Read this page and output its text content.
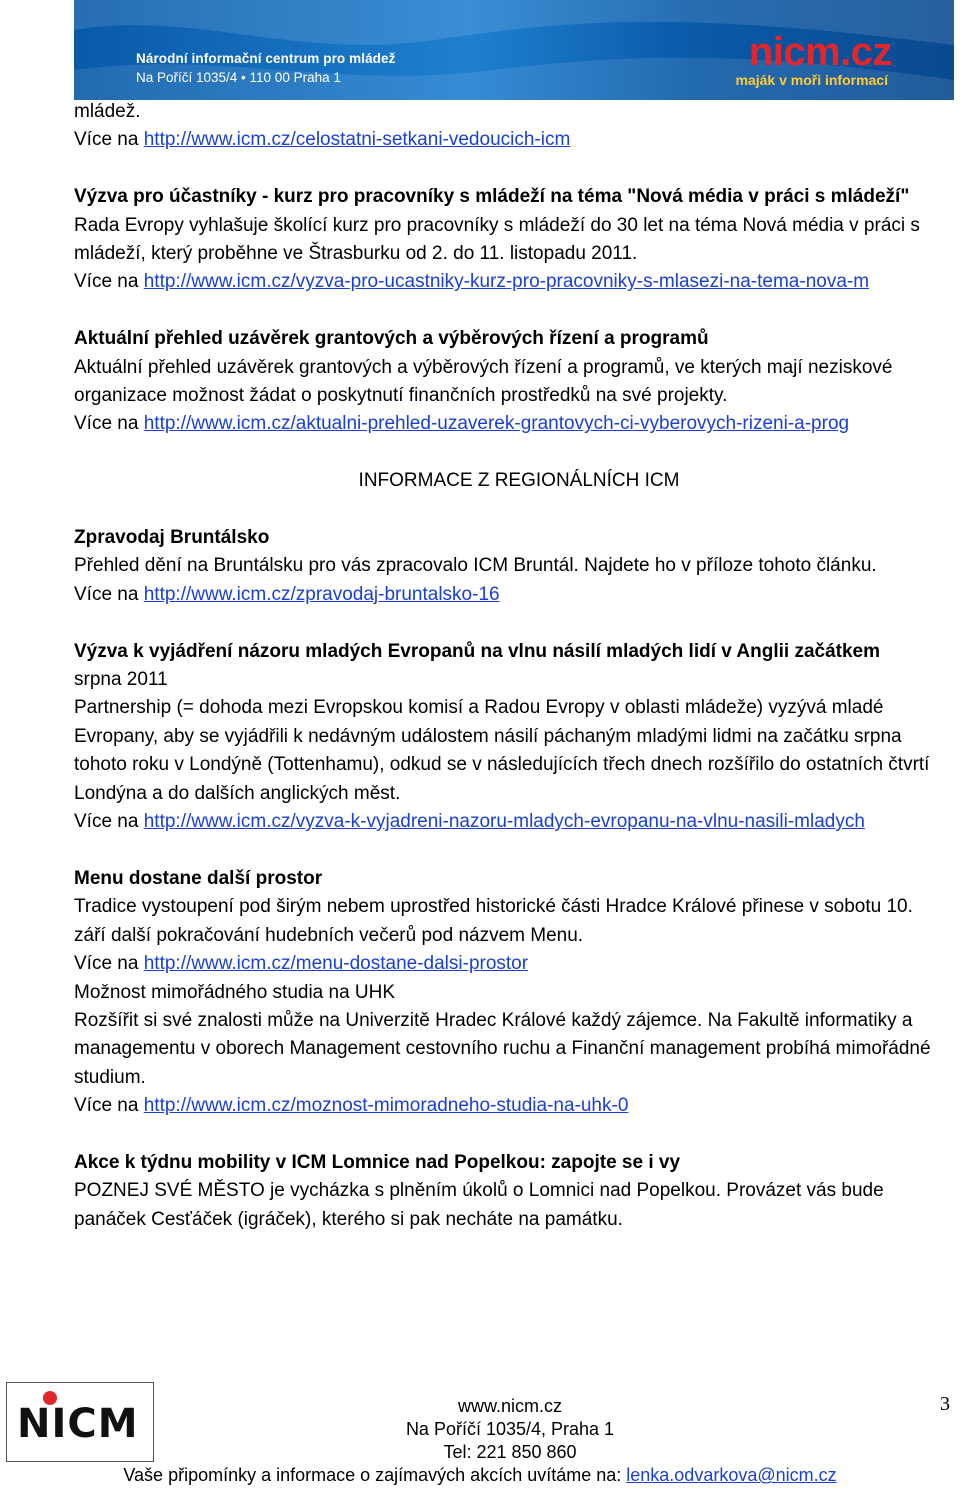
Národní informační centrum pro mládež
Na Poříčí 1035/4 • 110 00 Praha 1
nicm.cz
maják v moři informací
mládež.
Více na http://www.icm.cz/celostatni-setkani-vedoucich-icm
Výzva pro účastníky - kurz pro pracovníky s mládeží na téma "Nová média v práci s mládeží"
Rada Evropy vyhlašuje školící kurz pro pracovníky s mládeží do 30 let na téma Nová média v práci s mládeží, který proběhne ve Štrasburku od 2. do 11. listopadu 2011.
Více na http://www.icm.cz/vyzva-pro-ucastniky-kurz-pro-pracovniky-s-mlasezi-na-tema-nova-m
Aktuální přehled uzávěrek grantových a výběrových řízení a programů
Aktuální přehled uzávěrek grantových a výběrových řízení a programů, ve kterých mají neziskové organizace možnost žádat o poskytnutí finančních prostředků na své projekty.
Více na http://www.icm.cz/aktualni-prehled-uzaverek-grantovych-ci-vyberovych-rizeni-a-prog
INFORMACE Z REGIONÁLNÍCH ICM
Zpravodaj Bruntálsko
Přehled dění na Bruntálsku pro vás zpracovalo ICM Bruntál. Najdete ho v příloze tohoto článku.
Více na http://www.icm.cz/zpravodaj-bruntalsko-16
Výzva k vyjádření názoru mladých Evropanů na vlnu násilí mladých lidí v Anglii začátkem
srpna 2011
Partnership (= dohoda mezi Evropskou komisí a Radou Evropy v oblasti mládeže) vyzývá mladé Evropany, aby se vyjádřili k nedávným událostem násilí páchaným mladými lidmi na začátku srpna tohoto roku v Londýně (Tottenhamu), odkud se v následujících třech dnech rozšířilo do ostatních čtvrtí Londýna a do dalších anglických měst.
Více na http://www.icm.cz/vyzva-k-vyjadreni-nazoru-mladych-evropanu-na-vlnu-nasili-mladych
Menu dostane další prostor
Tradice vystoupení pod širým nebem uprostřed historické části Hradce Králové přinese v sobotu 10. září další pokračování hudebních večerů pod názvem Menu.
Více na http://www.icm.cz/menu-dostane-dalsi-prostor
Možnost mimořádného studia na UHK
Rozšířit si své znalosti může na Univerzitě Hradec Králové každý zájemce. Na Fakultě informatiky a managementu v oborech Management cestovního ruchu a Finanční management probíhá mimořádné studium.
Více na http://www.icm.cz/moznost-mimoradneho-studia-na-uhk-0
Akce k týdnu mobility v ICM Lomnice nad Popelkou: zapojte se i vy
POZNEJ SVÉ MĚSTO je vycházka s plněním úkolů o Lomnici nad Popelkou. Provázet vás bude panáček Cesťáček (igráček), kterého si pak necháte na památku.
NICM	3
www.nicm.cz
Na Poříčí 1035/4, Praha 1
Tel: 221 850 860
Vaše připomínky a informace o zajímavých akcích uvítáme na: lenka.odvarkova@nicm.cz
